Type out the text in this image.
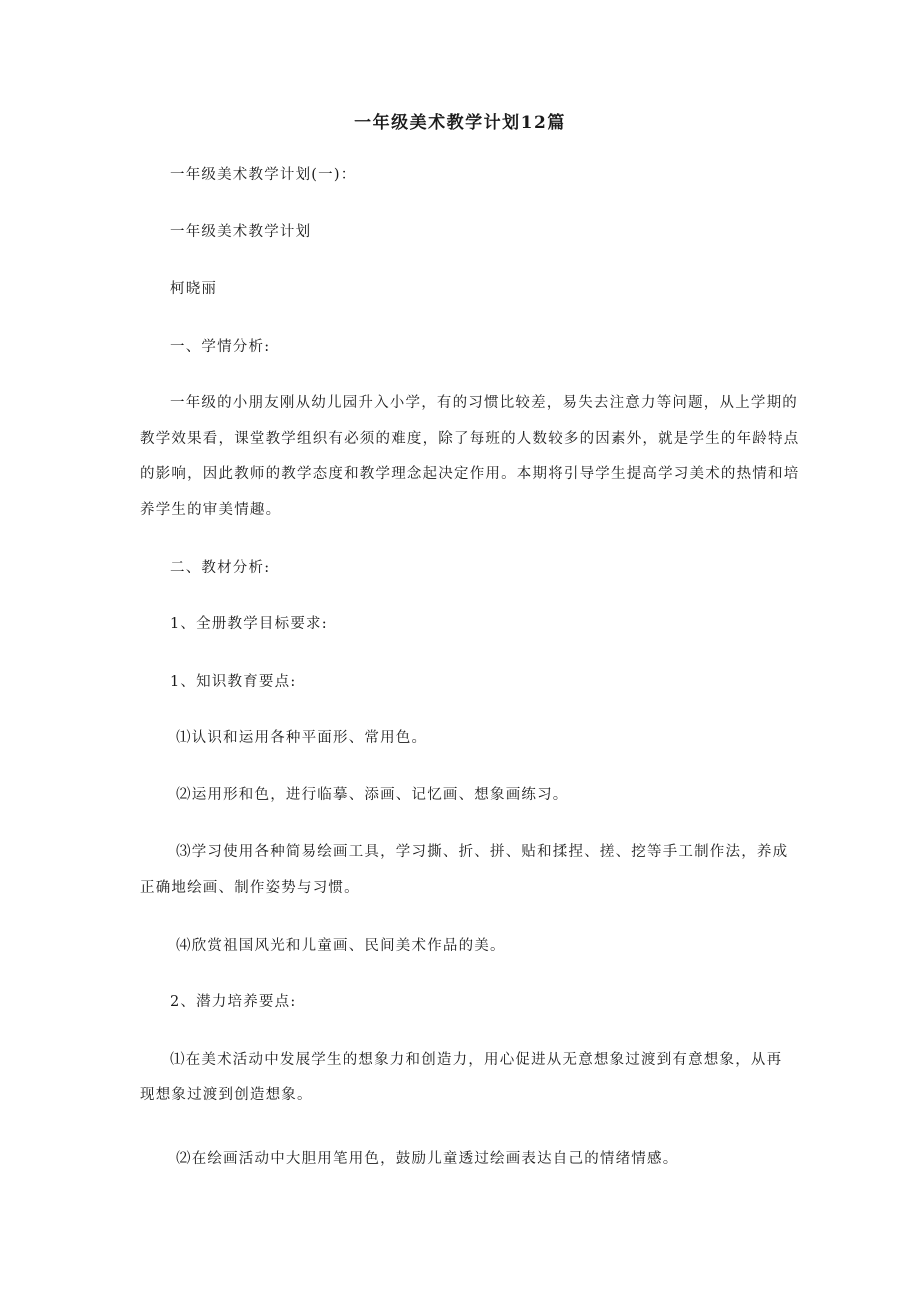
一年级美术教学计划12篇

一年级美术教学计划(一)：

一年级美术教学计划

柯晓丽

一、学情分析:

一年级的小朋友刚从幼儿园升入小学，有的习惯比较差，易失去注意力等问题，从上学期的

教学效果看，课堂教学组织有必须的难度，除了每班的人数较多的因素外，就是学生的年龄特点

的影响，因此教师的教学态度和教学理念起决定作用。本期将引导学生提高学习美术的热情和培

养学生的审美情趣。

二、教材分析:

1、全册教学目标要求:

1、知识教育要点:

⑴认识和运用各种平面形、常用色。

⑵运用形和色，进行临摹、添画、记忆画、想象画练习。

⑶学习使用各种简易绘画工具，学习撕、折、拼、贴和揉捏、搓、挖等手工制作法，养成

正确地绘画、制作姿势与习惯。

⑷欣赏祖国风光和儿童画、民间美术作品的美。

2、潜力培养要点:

⑴在美术活动中发展学生的想象力和创造力，用心促进从无意想象过渡到有意想象，从再

现想象过渡到创造想象。

⑵在绘画活动中大胆用笔用色，鼓励儿童透过绘画表达自己的情绪情感。
